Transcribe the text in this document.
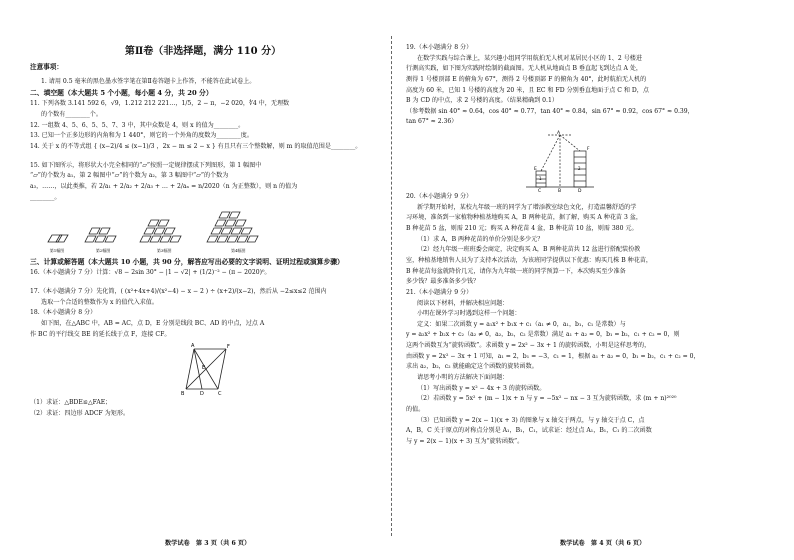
第Ⅱ卷（非选择题，满分 110 分）

注意事项：

1. 请用 0.5 毫米的黑色墨水签字笔在第Ⅱ卷答题卡上作答，不能答在此试卷上。

二、填空题（本大题共 5 个小题，每小题 4 分，共 20 分）

11. 下列各数 3.141 592 6，√9，1.212 212 221…，1/5，2 − π，−2 020，∜4 中，无理数

的个数有________个。

12. 一组数 4、5、6、5、5、7、3 中，其中众数是 4，则 x 的值为________。

13. 已知一个正多边形的内角和为 1 440°，则它的一个外角的度数为________度。

14. 关于 x 的不等式组 { (x−2)/4 ≤ (x−1)/3 ，2x − m ≤ 2 − x } 有且只有三个整数解，则 m 的取值范围是________。

15. 如下图所示，将形状大小完全相同的“▱”按照一定规律摆成下列图形，第 1 幅图中

“▱”的个数为 a₁，第 2 幅图中“▱”的个数为 a₂，第 3 幅图中“▱”的个数为

a₃，……，以此类推，若 2/a₁ + 2/a₂ + 2/a₃ + … + 2/aₙ = n/2020（n 为正整数），则 n 的值为

________。

第1幅图
	第2幅图
	第3幅图
	第4幅图

三、计算或解答题（本大题共 10 小题，共 90 分，解答应写出必要的文字说明、证明过程或演算步骤）

16.（本小题满分 7 分）计算：√8 − 2sin 30° − |1 − √2| + (1/2)⁻² − (π − 2020)⁰。

17.（本小题满分 7 分）先化简，( (x²+4x+4)/(x²−4) − x − 2 ) ÷ (x+2)/(x−2)，然后从 −2≤x≤2 范围内

选取一个合适的整数作为 x 的值代入求值。

18.（本小题满分 8 分）

如下图，在△ABC 中，AB = AC，点 D，E 分别是线段 BC、AD 的中点，过点 A

作 BC 的平行线交 BE 的延长线于点 F，连接 CF。

A	F
E
B	D	C

（1）求证：△BDE≌△FAE；

（2）求证：四边形 ADCF 为矩形。

数学试卷　第 3 页（共 6 页）

19.（本小题满分 8 分）

在数学实践与综合课上，某兴趣小组同学用航拍无人机对某居民小区的 1、2 号楼进

行测高实践，如下图为实践时绘制的截面图。无人机从地面点 B 垂直起飞到达点 A 处，

测得 1 号楼顶部 E 的俯角为 67°，测得 2 号楼顶部 F 的俯角为 40°，此时航拍无人机的

高度为 60 米，已知 1 号楼的高度为 20 米，且 EC 和 FD 分别垂直地面于点 C 和 D，点

B 为 CD 的中点，求 2 号楼的高度。（结果精确到 0.1）

（参考数据 sin 40° ≈ 0.64，cos 40° ≈ 0.77，tan 40° ≈ 0.84，sin 67° ≈ 0.92，cos 67° ≈ 0.39，

tan 67° ≈ 2.36）

A
E
F
C	B	D
1
2

20.（本小题满分 9 分）

新学期开始时，某校九年级一班的同学为了增添教室绿色文化，打造温馨舒适的学

习环境，准备到一家植物种植基地购买 A，B 两种花苗，据了解，购买 A 种花苗 3 盆，

B 种花苗 5 盆，则需 210 元；购买 A 种花苗 4 盆，B 种花苗 10 盆，则需 380 元。

（1）求 A，B 两种花苗的单价分别是多少元？

（2）经九年级一班班委会商定，决定购买 A，B 两种花苗共 12 盆进行搭配装扮教

室，种植基地销售人员为了支持本次活动，为该班同学提供以下优惠：购买几株 B 种花苗，

B 种花苗每盆就降价几元，请你为九年级一班的同学预算一下，本次购买至少准备

多少钱？最多准备多少钱？

21.（本小题满分 9 分）

阅读以下材料，并解决相应问题：

小明在课外学习时遇到这样一个问题：

定义：如果二次函数 y = a₁x² + b₁x + c₁（a₁ ≠ 0，a₁，b₁，c₁ 是常数）与

y = a₂x² + b₂x + c₂（a₂ ≠ 0，a₂，b₂，c₂ 是常数）满足 a₁ + a₂ = 0，b₁ = b₂，c₁ + c₂ = 0，则

这两个函数互为“旋转函数”。求函数 y = 2x² − 3x + 1 的旋转函数，小明是这样思考的，

由函数 y = 2x² − 3x + 1 可知，a₁ = 2，b₁ = −3，c₁ = 1，根据 a₁ + a₂ = 0，b₁ = b₂，c₁ + c₂ = 0，

求出 a₂，b₂，c₂ 就能确定这个函数的旋转函数。

请思考小明的方法解决下面问题：

（1）写出函数 y = x² − 4x + 3 的旋转函数。

（2）若函数 y = 5x² + (m − 1)x + n 与 y = −5x² − nx − 3 互为旋转函数，求 (m + n)²⁰²⁰

的值。

（3）已知函数 y = 2(x − 1)(x + 3) 的图象与 x 轴交于两点，与 y 轴交于点 C，点

A，B，C 关于原点的对称点分别是 A₁，B₁，C₁，试求证：经过点 A₁，B₁，C₁ 的二次函数

与 y = 2(x − 1)(x + 3) 互为“旋转函数”。

数学试卷　第 4 页（共 6 页）
